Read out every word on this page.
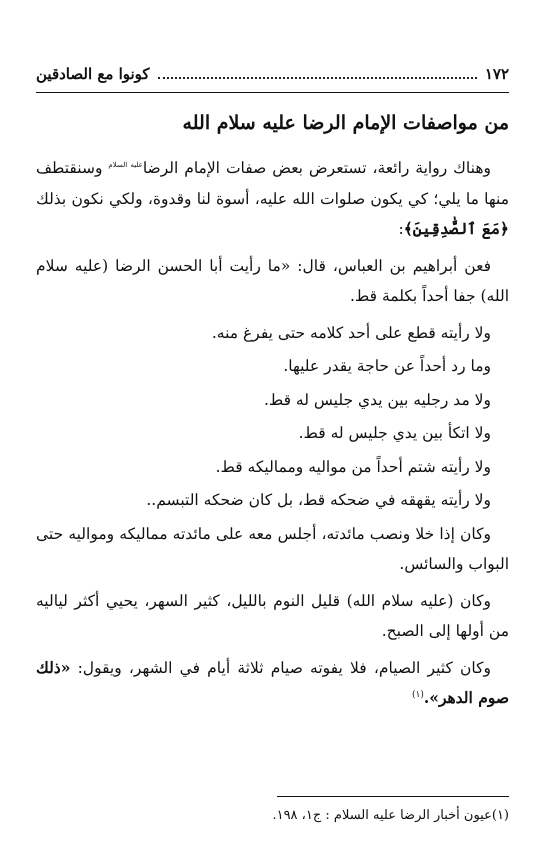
١٧٢
كونوا مع الصادقين
من مواصفات الإمام الرضا عليه سلام الله

وهناك رواية رائعة، تستعرض بعض صفات الإمام الرضا$^{عليه السلام}$ وسنقتطف منها ما يلي؛ كي يكون صلوات الله عليه، أسوة لنا وقدوة، ولكي نكون بذلك ﴿مَعَ ٱلصَّٰدِقِينَ﴾:

فعن أبراهيم بن العباس، قال: «ما رأيت أبا الحسن الرضا (عليه سلام الله) جفا أحداً بكلمة قط.

ولا رأيته قطع على أحد كلامه حتى يفرغ منه.

وما رد أحداً عن حاجة يقدر عليها.

ولا مد رجليه بين يدي جليس له قط.

ولا اتكأ بين يدي جليس له قط.

ولا رأيته شتم أحداً من مواليه ومماليكه قط.

ولا رأيته يقهقه في ضحكه قط، بل كان ضحكه التبسم..

وكان إذا خلا ونصب مائدته، أجلس معه على مائدته مماليكه ومواليه حتى البواب والسائس.

وكان (عليه سلام الله) قليل النوم بالليل، كثير السهر، يحيي أكثر لياليه من أولها إلى الصبح.

وكان كثير الصيام، فلا يفوته صيام ثلاثة أيام في الشهر، ويقول: «ذلك صوم الدهر».$^{(١)}$

(١)عيون أخبار الرضا عليه السلام : ج١، ١٩٨.
